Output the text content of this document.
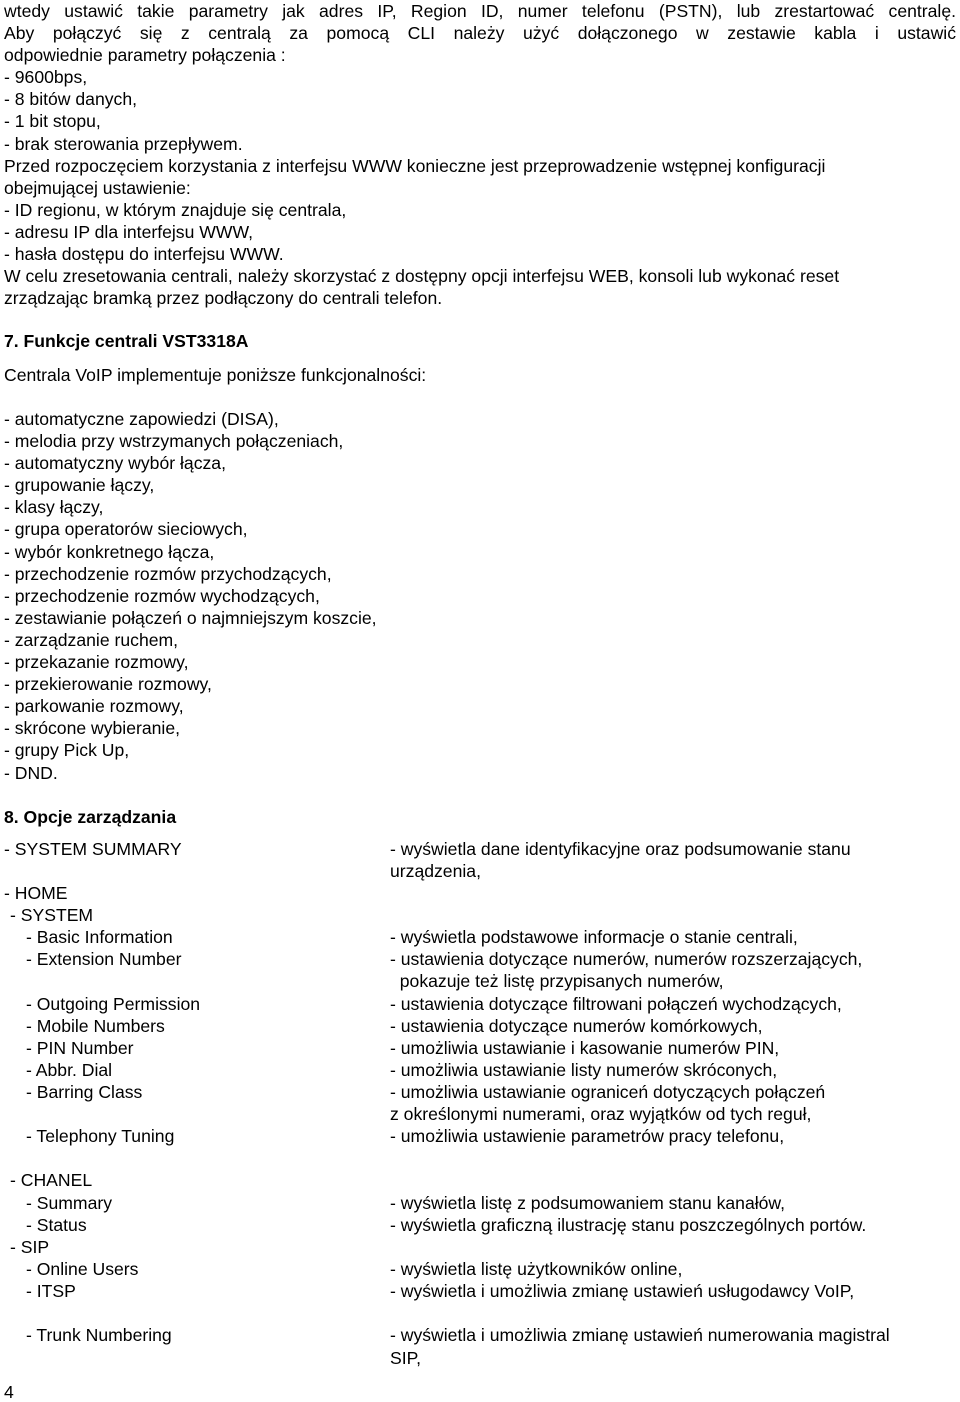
wtedy ustawić takie parametry jak adres IP, Region ID, numer telefonu (PSTN), lub zrestartować centralę.
Aby połączyć się z centralą za pomocą CLI należy użyć dołączonego w zestawie kabla i ustawić
odpowiednie parametry połączenia :
- 9600bps,
- 8 bitów danych,
- 1 bit stopu,
- brak sterowania przepływem.
Przed rozpoczęciem korzystania z interfejsu WWW konieczne jest przeprowadzenie wstępnej konfiguracji
obejmującej ustawienie:
- ID regionu, w którym znajduje się centrala,
- adresu IP dla interfejsu WWW,
- hasła dostępu do interfejsu WWW.
W celu zresetowania centrali, należy skorzystać z dostępny opcji interfejsu WEB, konsoli lub wykonać reset
zrządzając bramką przez podłączony do centrali telefon.
7. Funkcje centrali VST3318A
Centrala VoIP implementuje poniższe funkcjonalności:
- automatyczne zapowiedzi (DISA),
- melodia przy wstrzymanych połączeniach,
- automatyczny wybór łącza,
- grupowanie łączy,
- klasy łączy,
- grupa operatorów sieciowych,
- wybór konkretnego łącza,
- przechodzenie rozmów przychodzących,
- przechodzenie rozmów wychodzących,
- zestawianie połączeń o najmniejszym koszcie,
- zarządzanie ruchem,
- przekazanie rozmowy,
- przekierowanie rozmowy,
- parkowanie rozmowy,
- skrócone wybieranie,
- grupy Pick Up,
- DND.
8. Opcje zarządzania
- SYSTEM SUMMARY	- wyświetla dane identyfikacyjne oraz podsumowanie stanu
urządzenia,
- HOME
- SYSTEM
- Basic Information	- wyświetla podstawowe informacje o stanie centrali,
- Extension Number	- ustawienia dotyczące numerów, numerów rozszerzających,
pokazuje też listę przypisanych numerów,
- Outgoing Permission	- ustawienia dotyczące filtrowani połączeń wychodzących,
- Mobile Numbers	- ustawienia dotyczące numerów komórkowych,
- PIN Number	- umożliwia ustawianie i kasowanie numerów PIN,
- Abbr. Dial	- umożliwia ustawianie listy numerów skróconych,
- Barring Class	- umożliwia ustawianie ograniceń dotyczących połączeń
z określonymi numerami, oraz wyjątków od tych reguł,
- Telephony Tuning	- umożliwia ustawienie parametrów pracy telefonu,
- CHANEL
- Summary	- wyświetla listę z podsumowaniem stanu kanałów,
- Status	- wyświetla graficzną ilustrację stanu poszczególnych portów.
- SIP
- Online Users	- wyświetla listę użytkowników online,
- ITSP	- wyświetla i umożliwia zmianę ustawień usługodawcy VoIP,
- Trunk Numbering	- wyświetla i umożliwia zmianę ustawień numerowania magistral
SIP,
4
